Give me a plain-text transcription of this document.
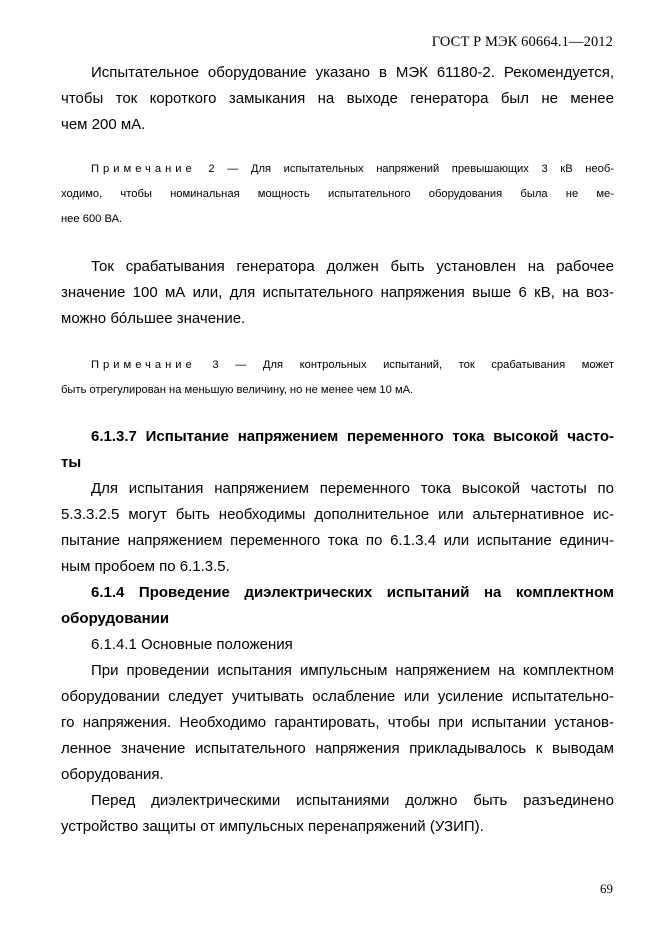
ГОСТ Р МЭК 60664.1—2012

Испытательное оборудование указано в МЭК 61180-2. Рекомендуется,
чтобы ток короткого замыкания на выходе генератора был не менее
чем 200 мА.

Примечание 2 — Для испытательных напряжений превышающих 3 кВ необ-
ходимо, чтобы номинальная мощность испытательного оборудования была не ме-
нее 600 ВА.

Ток срабатывания генератора должен быть установлен на рабочее
значение 100 мА или, для испытательного напряжения выше 6 кВ, на воз-
можно бóльшее значение.

Примечание 3 — Для контрольных испытаний, ток срабатывания может
быть отрегулирован на меньшую величину, но не менее чем 10 мА.

6.1.3.7 Испытание напряжением переменного тока высокой часто-
ты

Для испытания напряжением переменного тока высокой частоты по
5.3.3.2.5 могут быть необходимы дополнительное или альтернативное ис-
пытание напряжением переменного тока по 6.1.3.4 или испытание единич-
ным пробоем по 6.1.3.5.

6.1.4 Проведение диэлектрических испытаний на комплектном
оборудовании

6.1.4.1 Основные положения

При проведении испытания импульсным напряжением на комплектном
оборудовании следует учитывать ослабление или усиление испытательно-
го напряжения. Необходимо гарантировать, чтобы при испытании установ-
ленное значение испытательного напряжения прикладывалось к выводам
оборудования.

Перед диэлектрическими испытаниями должно быть разъединено
устройство защиты от импульсных перенапряжений (УЗИП).

69
